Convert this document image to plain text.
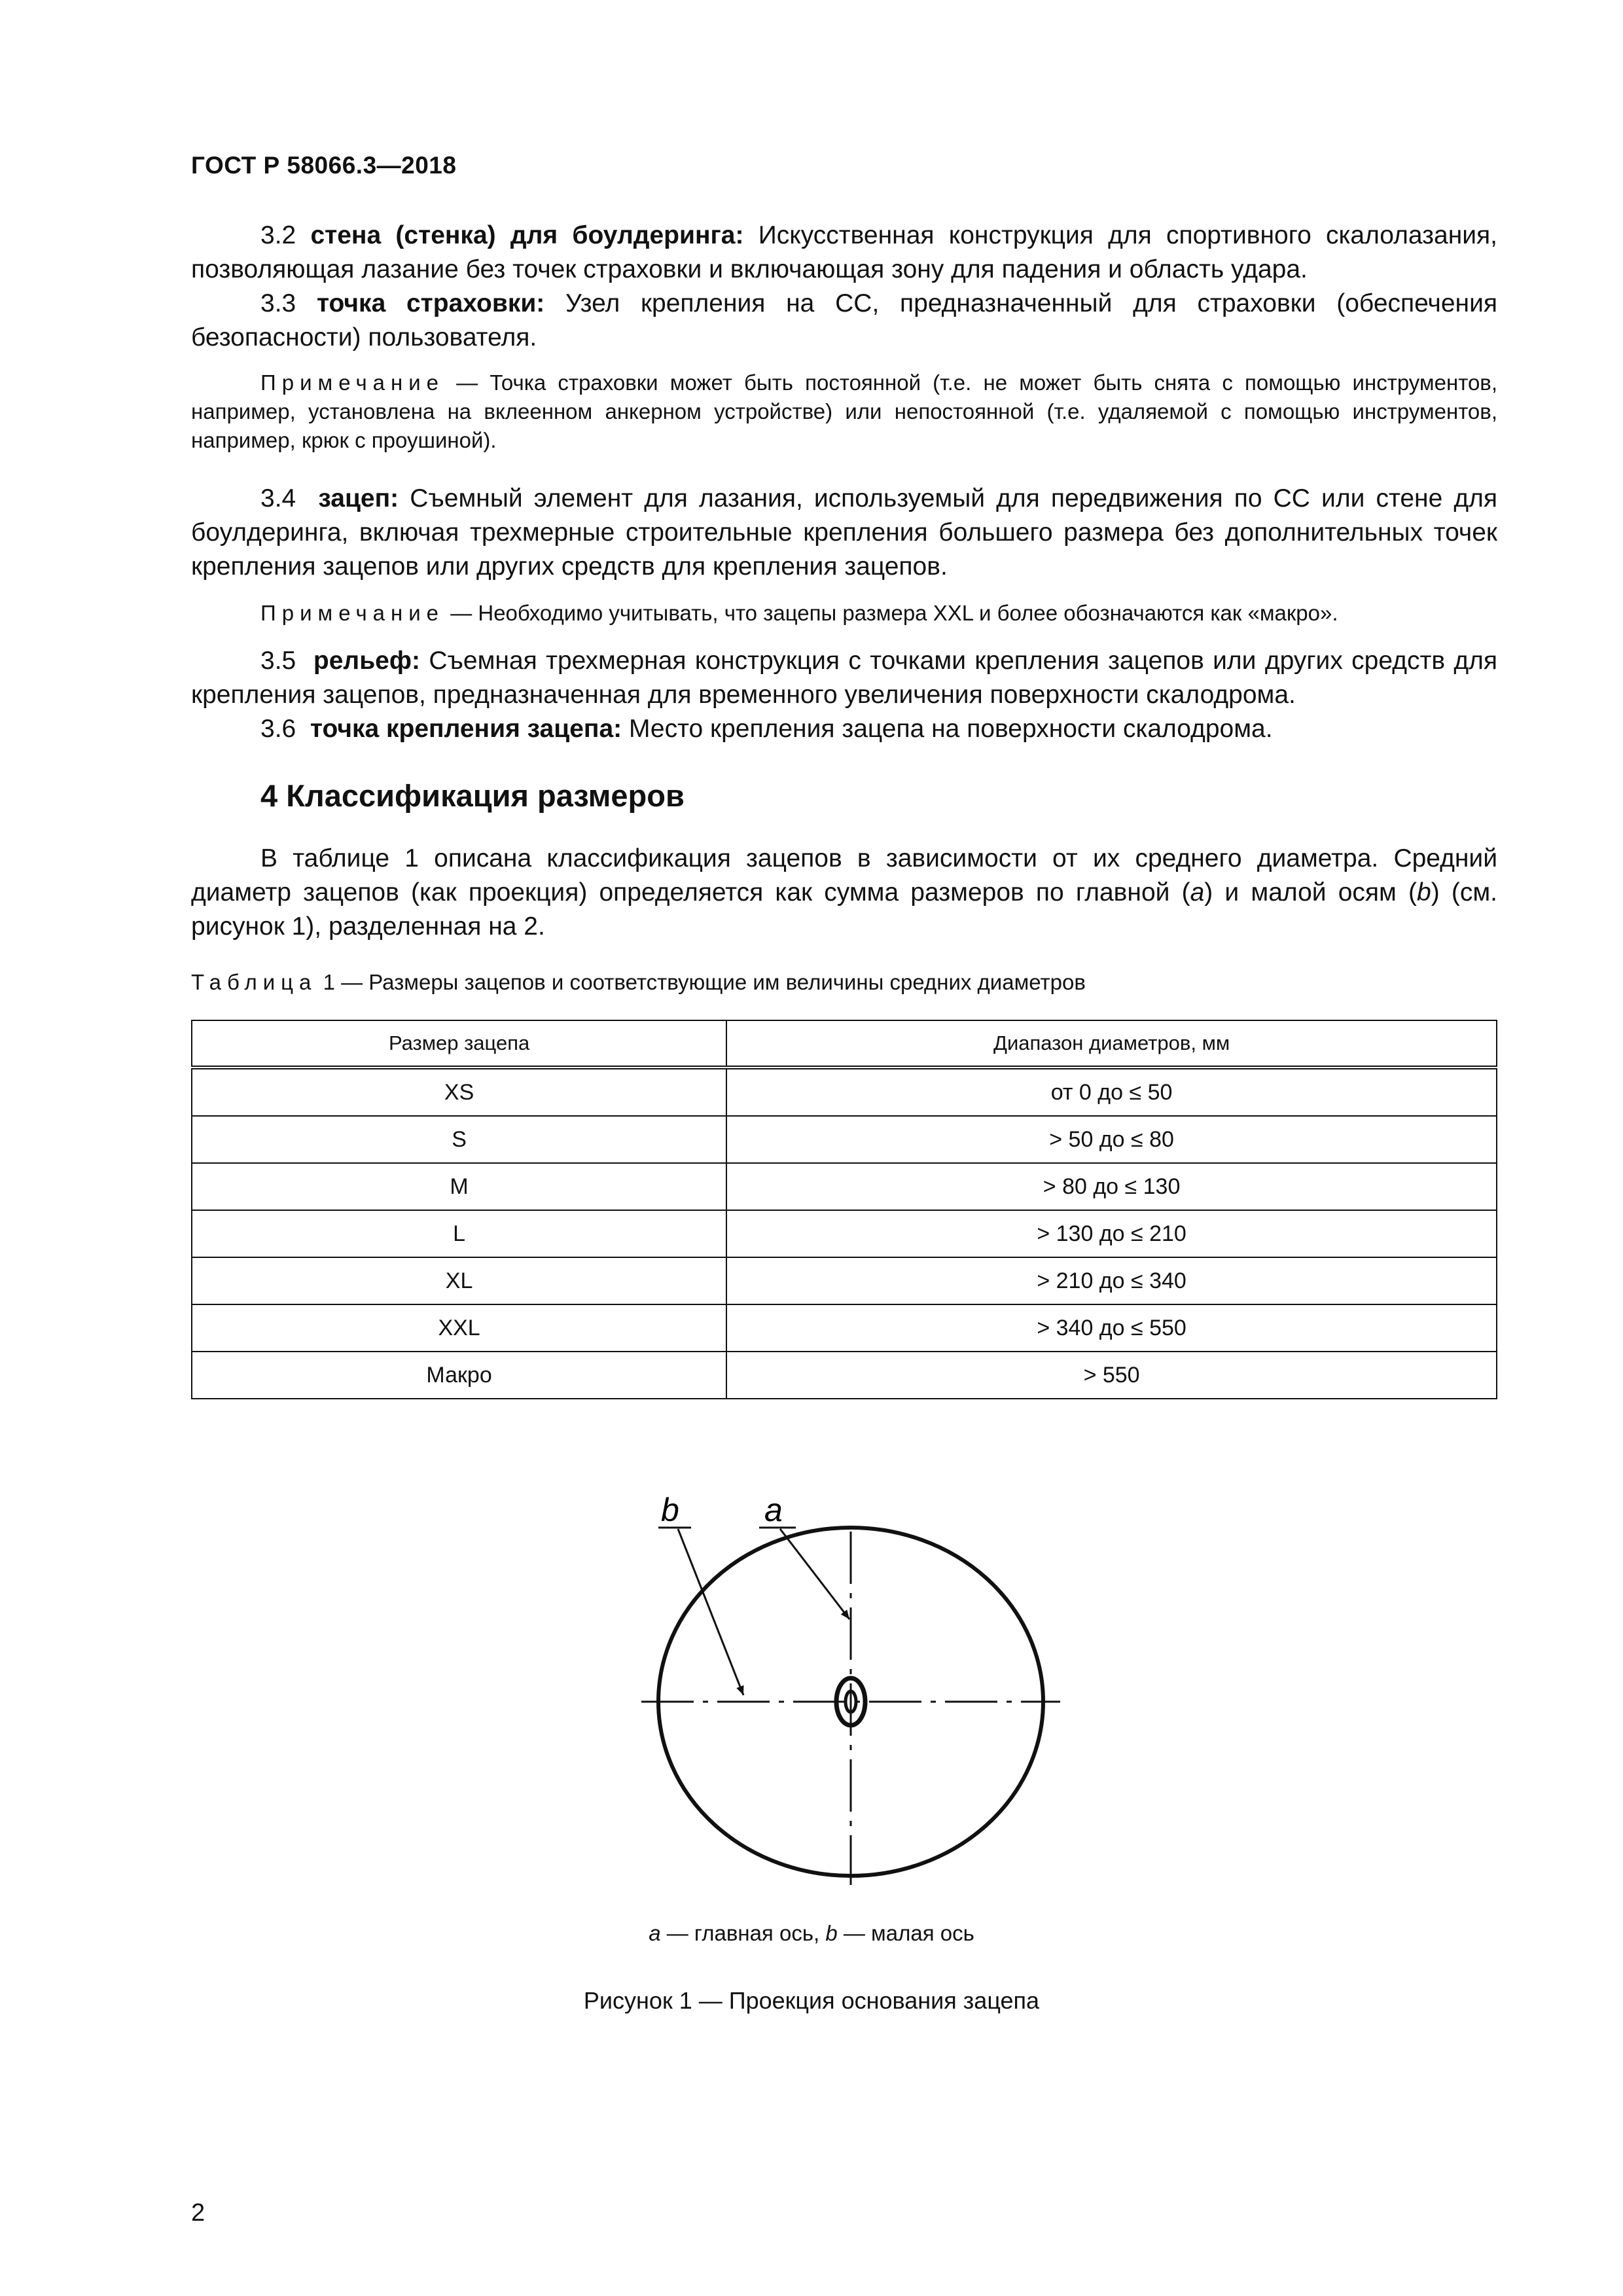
ГОСТ Р 58066.3—2018

3.2 стена (стенка) для боулдеринга: Искусственная конструкция для спортивного скалолазания, позволяющая лазание без точек страховки и включающая зону для падения и область удара.

3.3 точка страховки: Узел крепления на СС, предназначенный для страховки (обеспечения безопасности) пользователя.

Примечание — Точка страховки может быть постоянной (т.е. не может быть снята с помощью инструментов, например, установлена на вклеенном анкерном устройстве) или непостоянной (т.е. удаляемой с помощью инструментов, например, крюк с проушиной).

3.4 зацеп: Съемный элемент для лазания, используемый для передвижения по СС или стене для боулдеринга, включая трехмерные строительные крепления большего размера без дополнительных точек крепления зацепов или других средств для крепления зацепов.

Примечание — Необходимо учитывать, что зацепы размера XXL и более обозначаются как «макро».

3.5 рельеф: Съемная трехмерная конструкция с точками крепления зацепов или других средств для крепления зацепов, предназначенная для временного увеличения поверхности скалодрома.

3.6 точка крепления зацепа: Место крепления зацепа на поверхности скалодрома.

4 Классификация размеров

В таблице 1 описана классификация зацепов в зависимости от их среднего диаметра. Средний диаметр зацепов (как проекция) определяется как сумма размеров по главной (a) и малой осям (b) (см. рисунок 1), разделенная на 2.

Таблица 1 — Размеры зацепов и соответствующие им величины средних диаметров
Размер зацепа	Диапазон диаметров, мм
XS	от 0 до ≤ 50
S	> 50 до ≤ 80
M	> 80 до ≤ 130
L	> 130 до ≤ 210
XL	> 210 до ≤ 340
XXL	> 340 до ≤ 550
Макро	> 550
b	a
a — главная ось, b — малая ось
Рисунок 1 — Проекция основания зацепа
2
